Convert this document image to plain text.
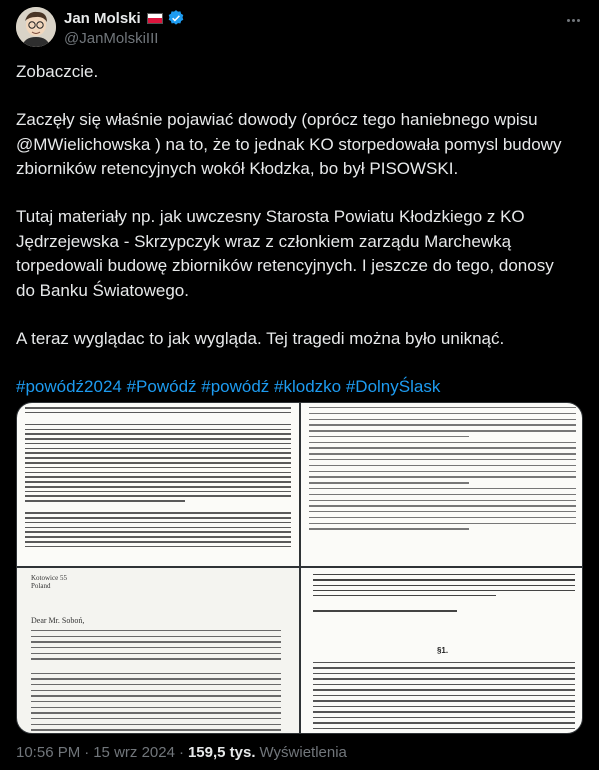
Jan Molski
@JanMolskiIII

Zobaczcie.

Zaczęły się właśnie pojawiać dowody (oprócz tego haniebnego wpisu

@MWielichowska ) na to, że to jednak KO storpedowała pomysl budowy

zbiorników retencyjnych wokół Kłodzka, bo był PISOWSKI.

Tutaj materiały np. jak uwczesny Starosta Powiatu Kłodzkiego z KO

Jędrzejewska - Skrzypczyk wraz z członkiem zarządu Marchewką

torpedowali budowę zbiorników retencyjnych. I jeszcze do tego, donosy

do Banku Światowego.

A teraz wyglądac to jak wygląda. Tej tragedi można było uniknąć.

#powódź2024 #Powódź #powódź #klodzko #DolnyŚlask

Kotowice 55
Poland
Dear Mr. Soboń,
§1.
10:56 PM · 15 wrz 2024 · 159,5 tys. Wyświetlenia
